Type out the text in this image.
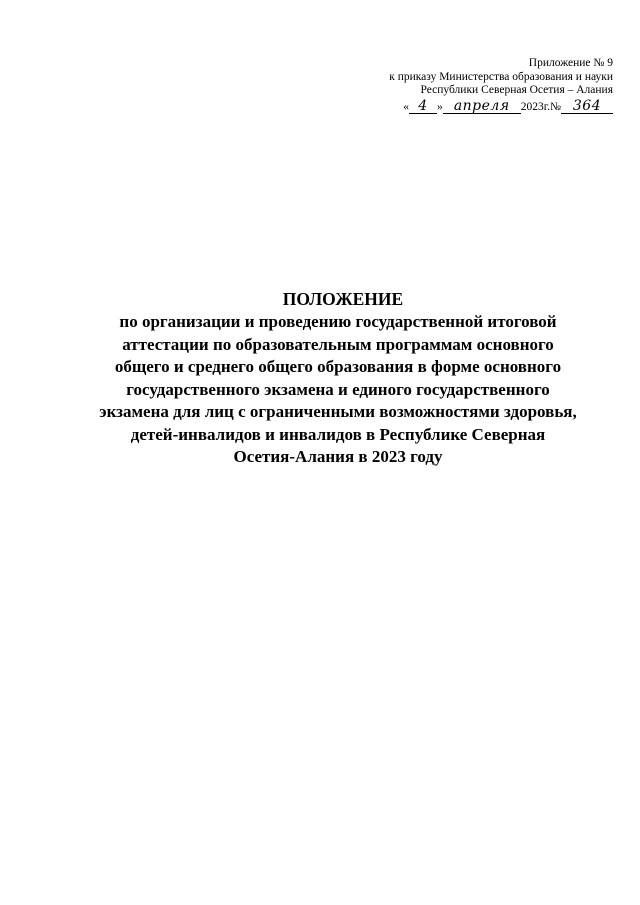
Приложение № 9
к приказу Министерства образования и науки
Республики Северная Осетия – Алания
« 4 » апреля 2023г.№ 364
ПОЛОЖЕНИЕ
по организации и проведению государственной итоговой
аттестации по образовательным программам основного
общего и среднего общего образования в форме основного
государственного экзамена и единого государственного
экзамена для лиц с ограниченными возможностями здоровья,
детей-инвалидов и инвалидов в Республике Северная
Осетия-Алания в 2023 году
